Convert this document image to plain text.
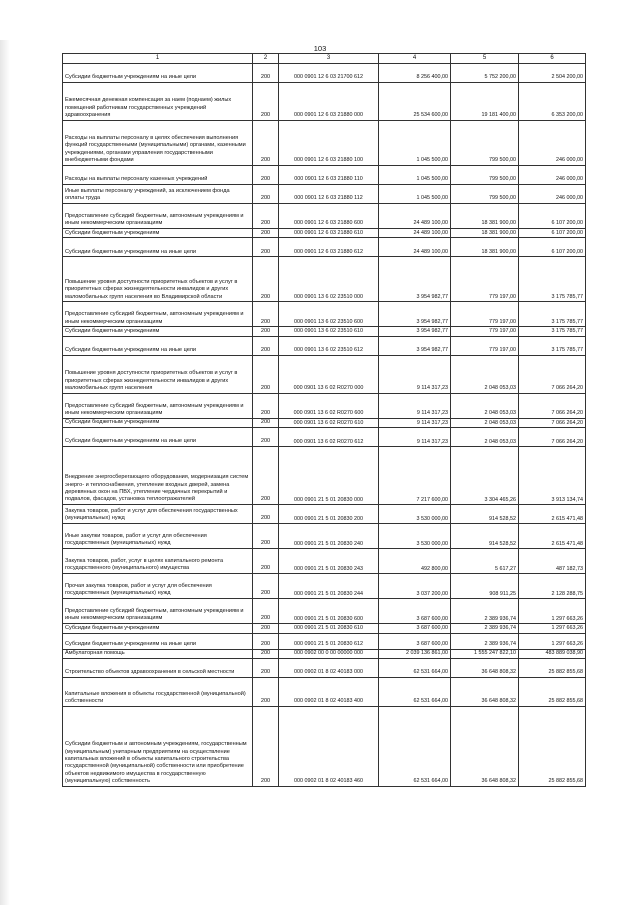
103
1	2	3	4	5	6
Субсидии бюджетным учреждениям на иные цели	200	000 0901 12 6 03 21700 612	8 256 400,00	5 752 200,00	2 504 200,00
Ежемесячная денежная компенсация за наем (поднаем) жилых помещений работникам государственных учреждений здравоохранения	200	000 0901 12 6 03 21880 000	25 534 600,00	19 181 400,00	6 353 200,00
Расходы на выплаты персоналу в целях обеспечения выполнения функций государственными (муниципальными) органами, казенными учреждениями, органами управления государственными внебюджетными фондами	200	000 0901 12 6 03 21880 100	1 045 500,00	799 500,00	246 000,00
Расходы на выплаты персоналу казенных учреждений	200	000 0901 12 6 03 21880 110	1 045 500,00	799 500,00	246 000,00
Иные выплаты персоналу учреждений, за исключением фонда оплаты труда	200	000 0901 12 6 03 21880 112	1 045 500,00	799 500,00	246 000,00
Предоставление субсидий бюджетным, автономным учреждениям и иным некоммерческим организациям	200	000 0901 12 6 03 21880 600	24 489 100,00	18 381 900,00	6 107 200,00
Субсидии бюджетным учреждениям	200	000 0901 12 6 03 21880 610	24 489 100,00	18 381 900,00	6 107 200,00
Субсидии бюджетным учреждениям на иные цели	200	000 0901 12 6 03 21880 612	24 489 100,00	18 381 900,00	6 107 200,00
Повышение уровня доступности приоритетных объектов и услуг в приоритетных сферах жизнедеятельности инвалидов и других маломобильных групп населения во Владимирской области	200	000 0901 13 6 02 23510 000	3 954 982,77	779 197,00	3 175 785,77
Предоставление субсидий бюджетным, автономным учреждениям и иным некоммерческим организациям	200	000 0901 13 6 02 23510 600	3 954 982,77	779 197,00	3 175 785,77
Субсидии бюджетным учреждениям	200	000 0901 13 6 02 23510 610	3 954 982,77	779 197,00	3 175 785,77
Субсидии бюджетным учреждениям на иные цели	200	000 0901 13 6 02 23510 612	3 954 982,77	779 197,00	3 175 785,77
Повышение уровня доступности приоритетных объектов и услуг в приоритетных сферах жизнедеятельности инвалидов и других маломобильных групп населения	200	000 0901 13 6 02 R0270 000	9 114 317,23	2 048 053,03	7 066 264,20
Предоставление субсидий бюджетным, автономным учреждениям и иным некоммерческим организациям	200	000 0901 13 6 02 R0270 600	9 114 317,23	2 048 053,03	7 066 264,20
Субсидии бюджетным учреждениям	200	000 0901 13 6 02 R0270 610	9 114 317,23	2 048 053,03	7 066 264,20
Субсидии бюджетным учреждениям на иные цели	200	000 0901 13 6 02 R0270 612	9 114 317,23	2 048 053,03	7 066 264,20
Внедрение энергосберегающего оборудования, модернизация систем энерго- и теплоснабжения, утепление входных дверей, замена деревянных окон на ПВХ, утепление чердачных перекрытий и подвалов, фасадов, установка теплоотражателей	200	000 0901 21 5 01 20830 000	7 217 600,00	3 304 465,26	3 913 134,74
Закупка товаров, работ и услуг для обеспечения государственных (муниципальных) нужд	200	000 0901 21 5 01 20830 200	3 530 000,00	914 528,52	2 615 471,48
Иные закупки товаров, работ и услуг для обеспечения государственных (муниципальных) нужд	200	000 0901 21 5 01 20830 240	3 530 000,00	914 528,52	2 615 471,48
Закупка товаров, работ, услуг в целях капитального ремонта государственного (муниципального) имущества	200	000 0901 21 5 01 20830 243	492 800,00	5 617,27	487 182,73
Прочая закупка товаров, работ и услуг для обеспечения государственных (муниципальных) нужд	200	000 0901 21 5 01 20830 244	3 037 200,00	908 911,25	2 128 288,75
Предоставление субсидий бюджетным, автономным учреждениям и иным некоммерческим организациям	200	000 0901 21 5 01 20830 600	3 687 600,00	2 389 936,74	1 297 663,26
Субсидии бюджетным учреждениям	200	000 0901 21 5 01 20830 610	3 687 600,00	2 389 936,74	1 297 663,26
Субсидии бюджетным учреждениям на иные цели	200	000 0901 21 5 01 20830 612	3 687 600,00	2 389 936,74	1 297 663,26
Амбулаторная помощь	200	000 0902 00 0 00 00000 000	2 039 136 861,00	1 555 247 822,10	483 889 038,90
Строительство объектов здравоохранения в сельской местности	200	000 0902 01 8 02 40183 000	62 531 664,00	36 648 808,32	25 882 855,68
Капитальные вложения в объекты государственной (муниципальной) собственности	200	000 0902 01 8 02 40183 400	62 531 664,00	36 648 808,32	25 882 855,68
Субсидии бюджетным и автономным учреждениям, государственным (муниципальным) унитарным предприятиям на осуществление капитальных вложений в объекты капитального строительства государственной (муниципальной) собственности или приобретение объектов недвижимого имущества в государственную (муниципальную) собственность	200	000 0902 01 8 02 40183 460	62 531 664,00	36 648 808,32	25 882 855,68
